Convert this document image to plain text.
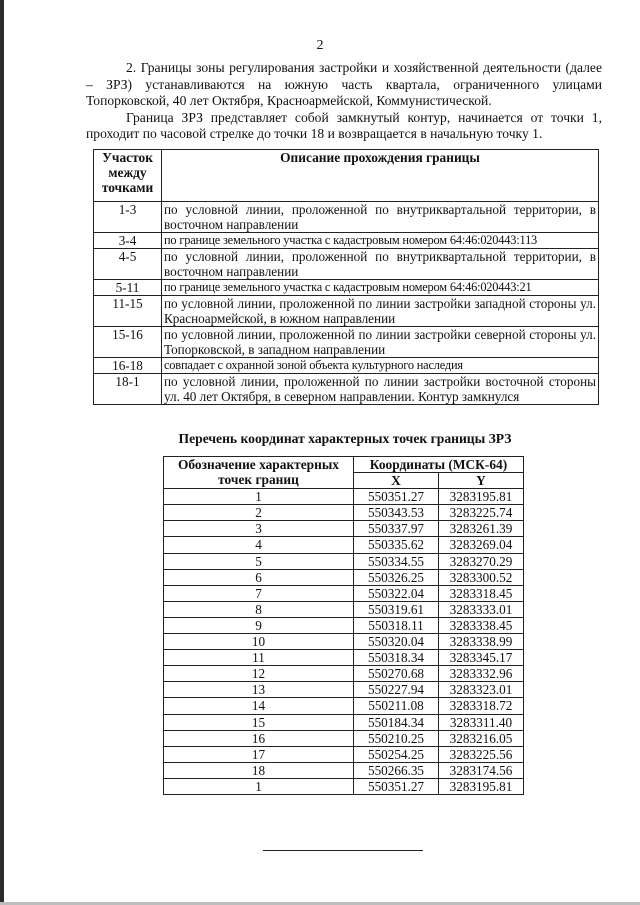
2

2. Границы зоны регулирования застройки и хозяйственной деятельности (далее – ЗРЗ) устанавливаются на южную часть квартала, ограниченного улицами Топорковской, 40 лет Октября, Красноармейской, Коммунистической.

Граница ЗРЗ представляет собой замкнутый контур, начинается от точки 1, проходит по часовой стрелке до точки 18 и возвращается в начальную точку 1.

Участок между точками	Описание прохождения границы
1-3	по условной линии, проложенной по внутриквартальной территории, в восточном направлении
3-4	по границе земельного участка с кадастровым номером 64:46:020443:113
4-5	по условной линии, проложенной по внутриквартальной территории, в восточном направлении
5-11	по границе земельного участка с кадастровым номером 64:46:020443:21
11-15	по условной линии, проложенной по линии застройки западной стороны ул. Красноармейской, в южном направлении
15-16	по условной линии, проложенной по линии застройки северной стороны ул. Топорковской, в западном направлении
16-18	совпадает с охранной зоной объекта культурного наследия
18-1	по условной линии, проложенной по линии застройки восточной стороны ул. 40 лет Октября, в северном направлении. Контур замкнулся
Перечень координат характерных точек границы ЗРЗ
Обозначение характерных точек границ	Координаты (МСК-64)	
	X	Y
1	550351.27	3283195.81
2	550343.53	3283225.74
3	550337.97	3283261.39
4	550335.62	3283269.04
5	550334.55	3283270.29
6	550326.25	3283300.52
7	550322.04	3283318.45
8	550319.61	3283333.01
9	550318.11	3283338.45
10	550320.04	3283338.99
11	550318.34	3283345.17
12	550270.68	3283332.96
13	550227.94	3283323.01
14	550211.08	3283318.72
15	550184.34	3283311.40
16	550210.25	3283216.05
17	550254.25	3283225.56
18	550266.35	3283174.56
1	550351.27	3283195.81
